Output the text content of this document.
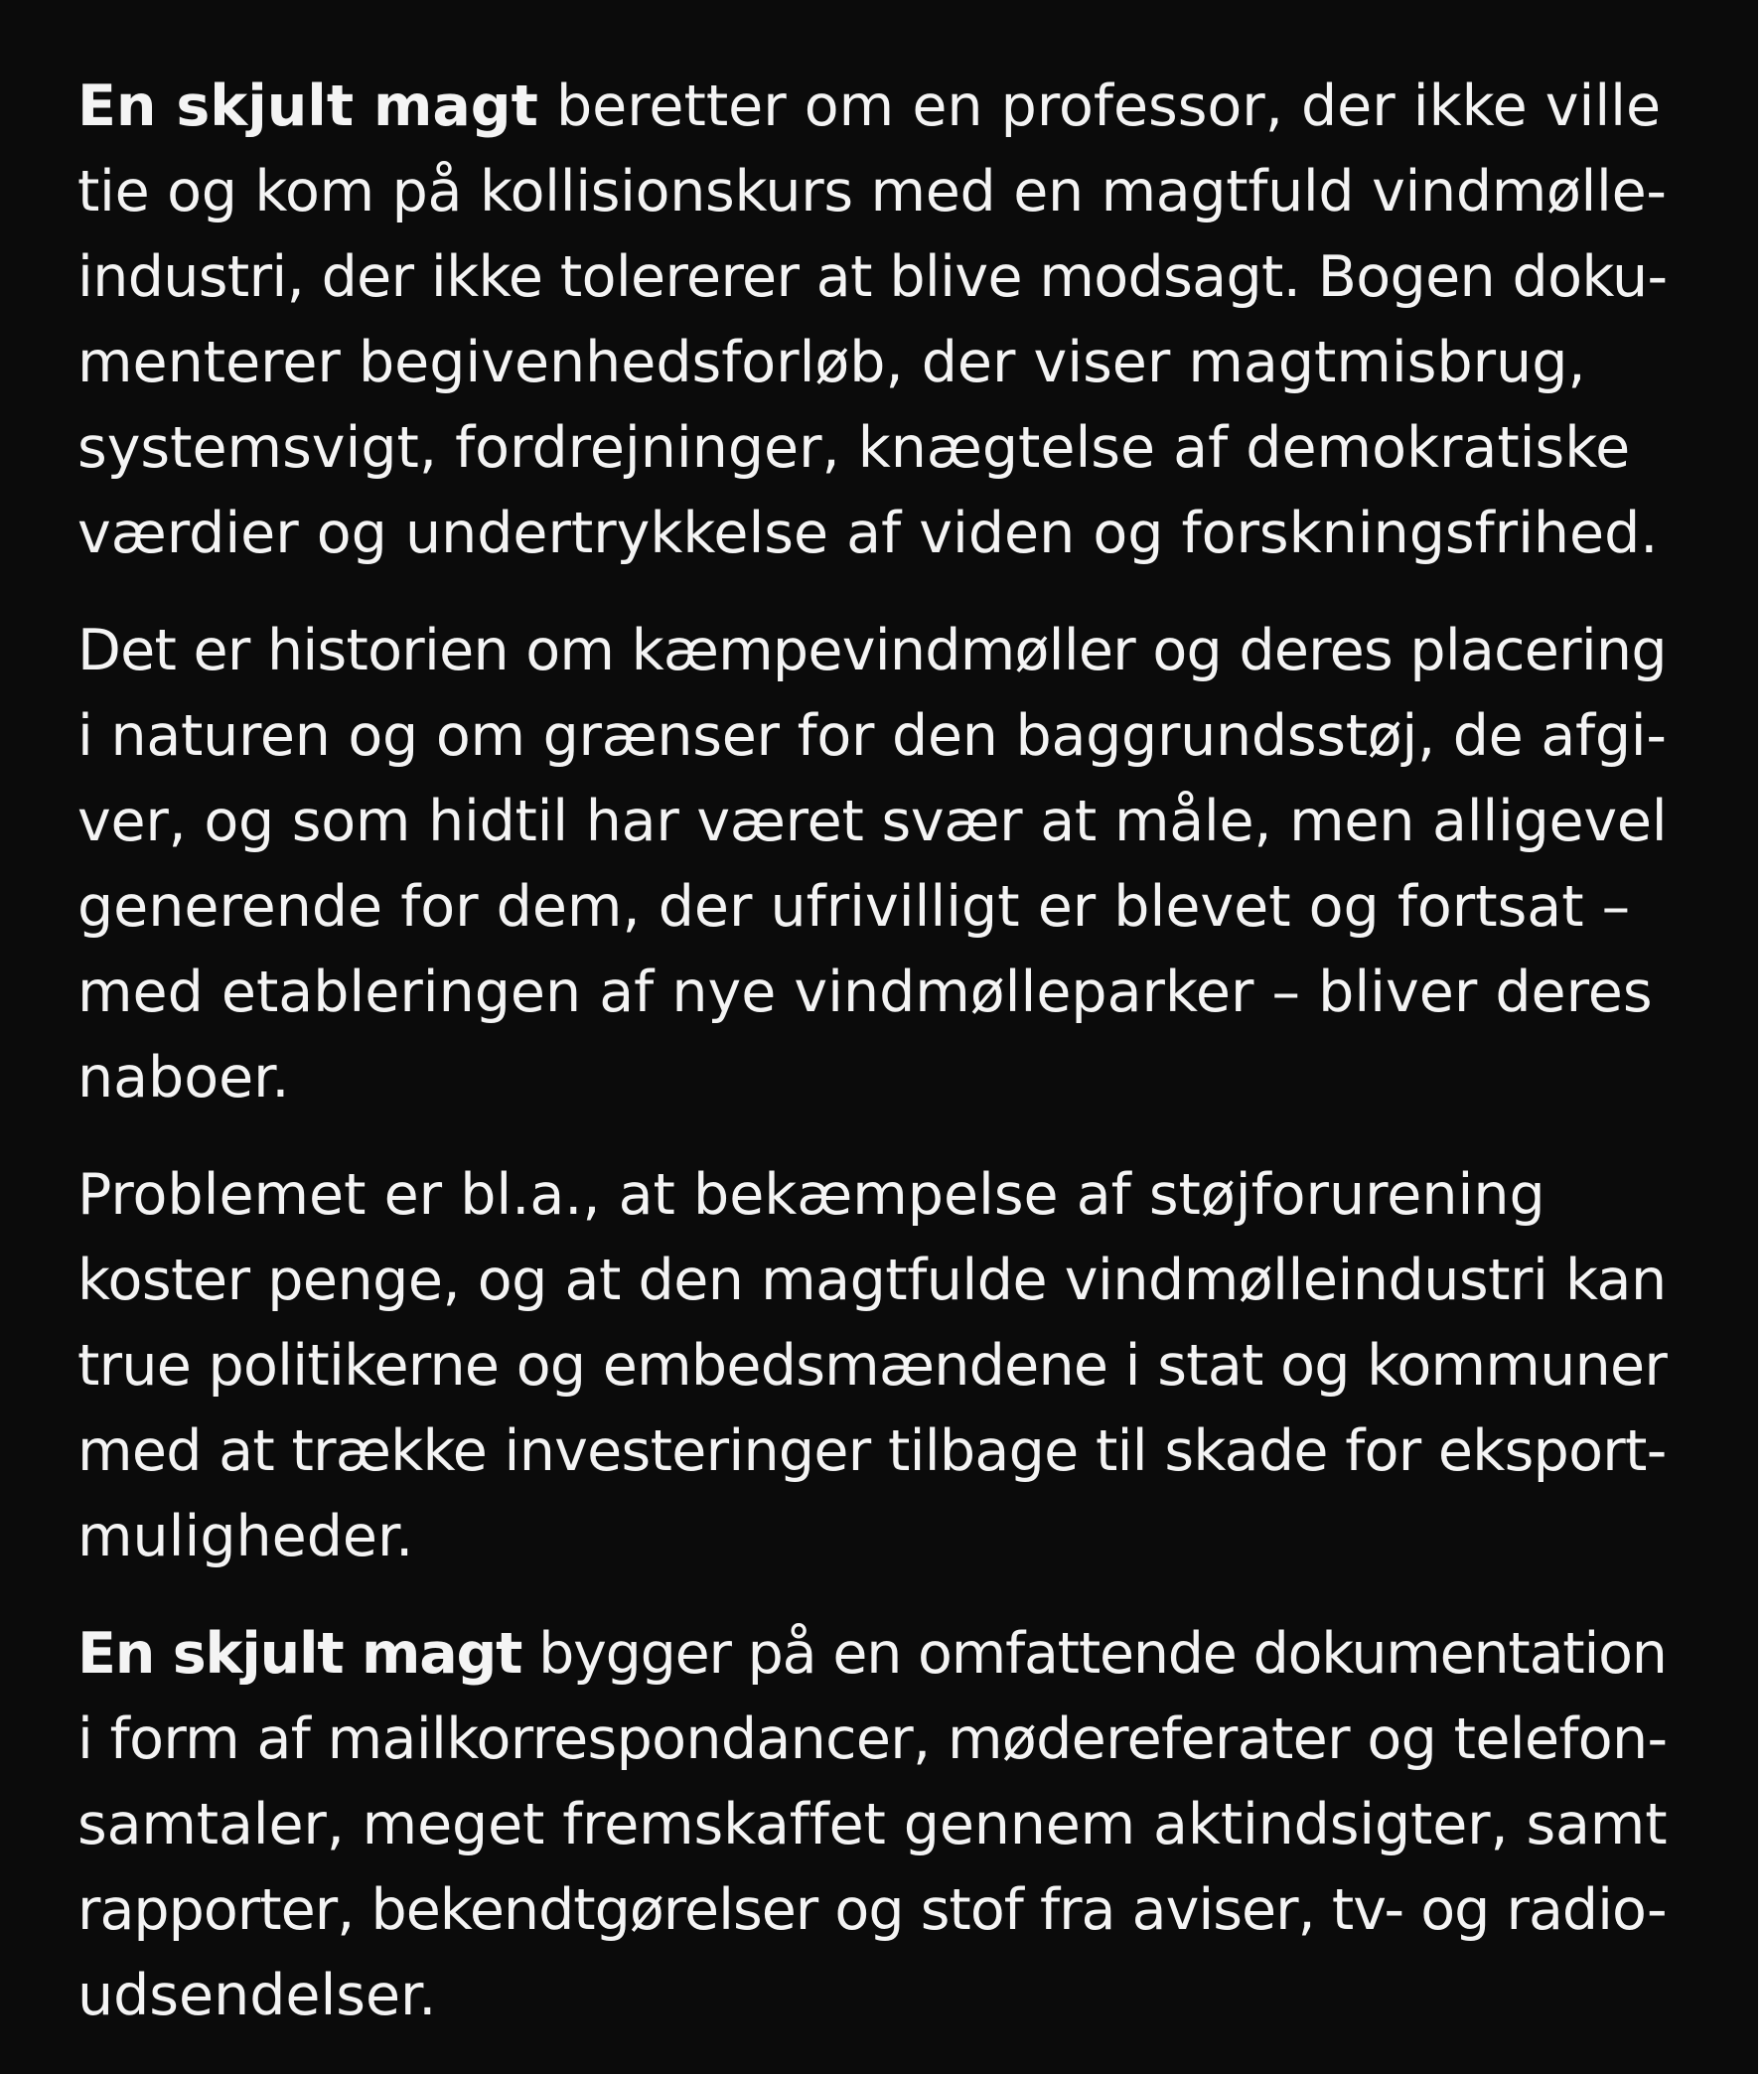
En skjult magt beretter om en professor, der ikke ville
tie og kom på kollisionskurs med en magtfuld vindmølle-
industri, der ikke tolererer at blive modsagt. Bogen doku-
menterer begivenhedsforløb, der viser magtmisbrug,
systemsvigt, fordrejninger, knægtelse af demokratiske
værdier og undertrykkelse af viden og forskningsfrihed.
Det er historien om kæmpevindmøller og deres placering
i naturen og om grænser for den baggrundsstøj, de afgi-
ver, og som hidtil har været svær at måle, men alligevel
generende for dem, der ufrivilligt er blevet og fortsat –
med etableringen af nye vindmølleparker – bliver deres
naboer.
Problemet er bl.a., at bekæmpelse af støjforurening
koster penge, og at den magtfulde vindmølleindustri kan
true politikerne og embedsmændene i stat og kommuner
med at trække investeringer tilbage til skade for eksport-
muligheder.
En skjult magt bygger på en omfattende dokumentation
i form af mailkorrespondancer, mødereferater og telefon-
samtaler, meget fremskaffet gennem aktindsigter, samt
rapporter, bekendtgørelser og stof fra aviser, tv- og radio-
udsendelser.
